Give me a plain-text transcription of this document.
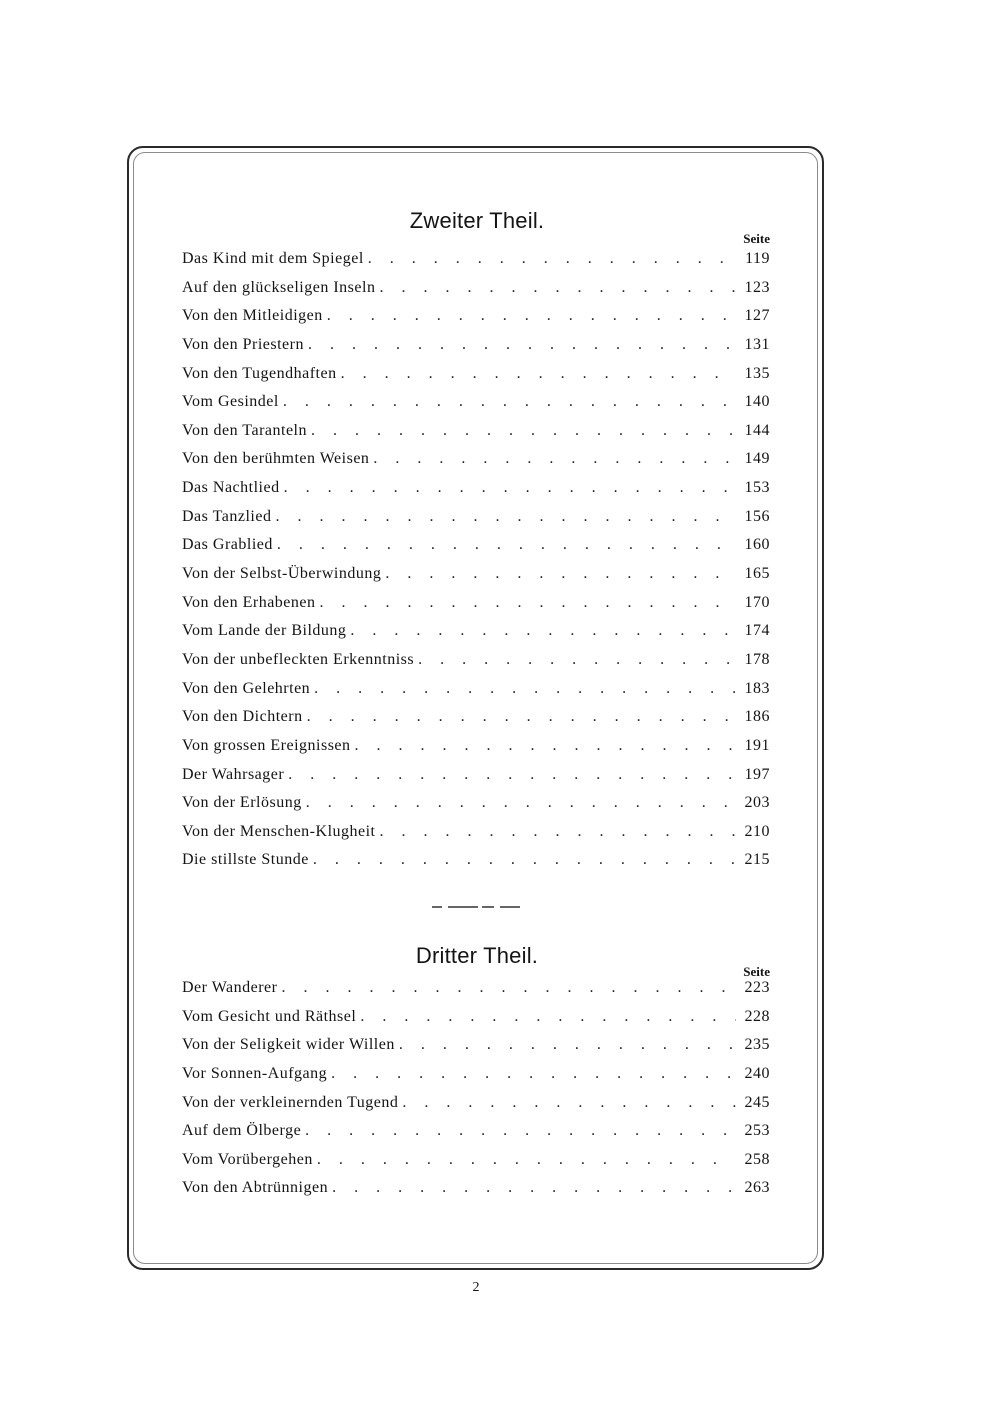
Zweiter Theil.
Seite
Das Kind mit dem Spiegel . . .	119
Auf den glückseligen Inseln . . .	123
Von den Mitleidigen . . .	127
Von den Priestern . . .	131
Von den Tugendhaften . . .	135
Vom Gesindel . . .	140
Von den Taranteln . . .	144
Von den berühmten Weisen . . .	149
Das Nachtlied . . .	153
Das Tanzlied . . .	156
Das Grablied . . .	160
Von der Selbst-Überwindung . . .	165
Von den Erhabenen . . .	170
Vom Lande der Bildung . . .	174
Von der unbefleckten Erkenntniss . . .	178
Von den Gelehrten . . .	183
Von den Dichtern . . .	186
Von grossen Ereignissen . . .	191
Der Wahrsager . . .	197
Von der Erlösung . . .	203
Von der Menschen-Klugheit . . .	210
Die stillste Stunde . . .	215
Dritter Theil.
Seite
Der Wanderer . . .	223
Vom Gesicht und Räthsel . . .	228
Von der Seligkeit wider Willen . . .	235
Vor Sonnen-Aufgang . . .	240
Von der verkleinernden Tugend . . .	245
Auf dem Ölberge . . .	253
Vom Vorübergehen . . .	258
Von den Abtrünnigen . . .	263
2
